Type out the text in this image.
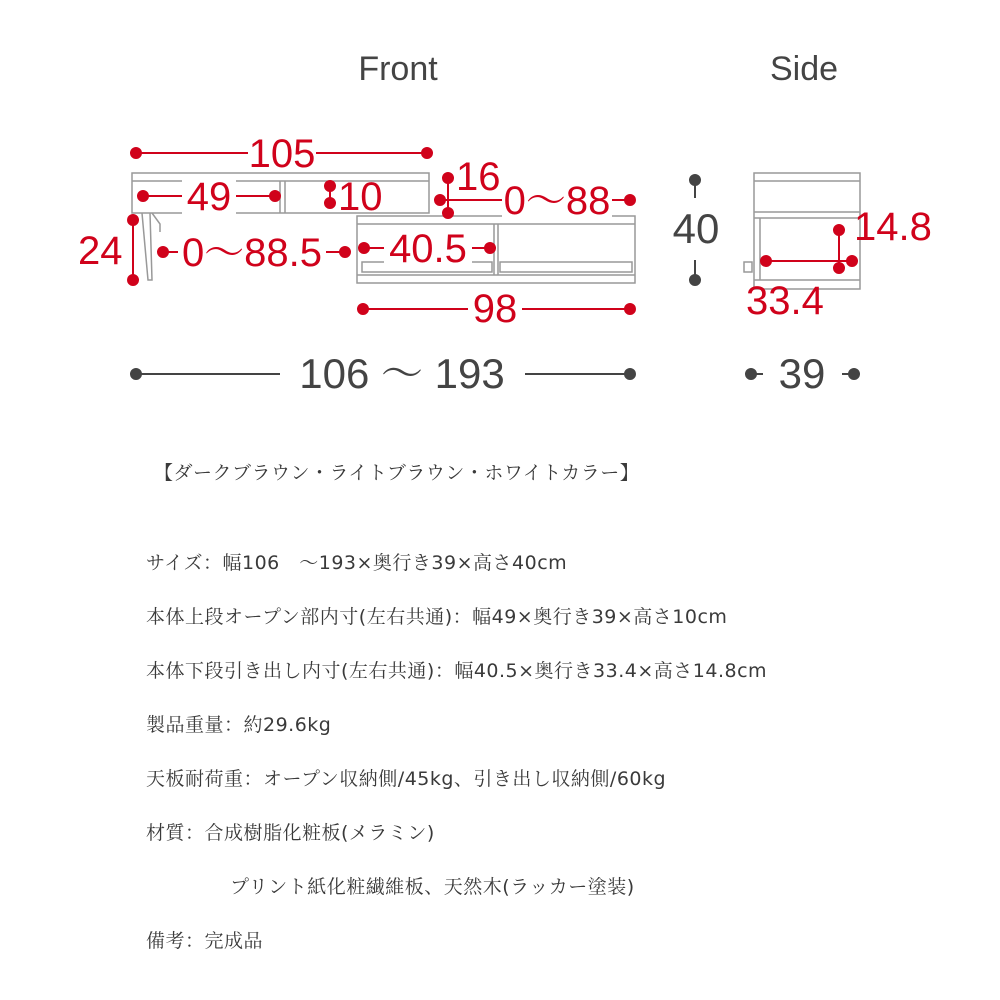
Front	Side
105
49	10 16
0～88
24 0～88.5 40.5
98
14.8
33.4
40
106 ～ 193	39
【ダークブラウン・ライトブラウン・ホワイトカラー】
サイズ：幅106　～193×奥行き39×高さ40cm
本体上段オープン部内寸(左右共通)：幅49×奥行き39×高さ10cm
本体下段引き出し内寸(左右共通)：幅40.5×奥行き33.4×高さ14.8cm
製品重量：約29.6kg
天板耐荷重：オープン収納側/45kg、引き出し収納側/60kg
材質：合成樹脂化粧板(メラミン)
プリント紙化粧繊維板、天然木(ラッカー塗装)
備考：完成品
